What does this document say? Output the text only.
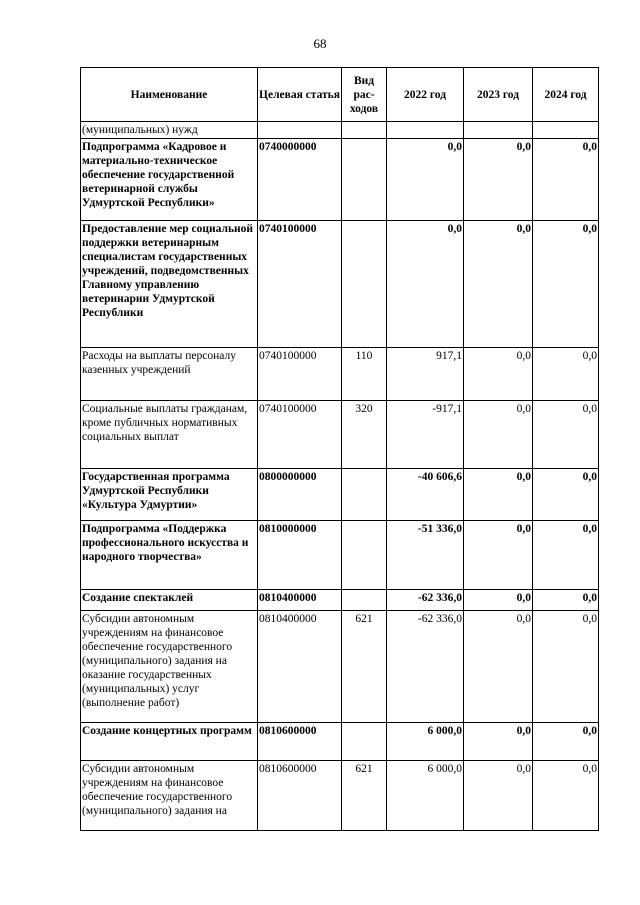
68
Наименование	Целевая статья	Вид рас-ходов	2022 год	2023 год	2024 год
(муниципальных) нужд					
Подпрограмма «Кадровое и материально-техническое обеспечение государственной ветеринарной службы Удмуртской Республики»	0740000000		0,0	0,0	0,0
Предоставление мер социальной поддержки ветеринарным специалистам государственных учреждений, подведомственных Главному управлению ветеринарии Удмуртской Республики	0740100000		0,0	0,0	0,0
Расходы на выплаты персоналу казенных учреждений	0740100000	110	917,1	0,0	0,0
Социальные выплаты гражданам, кроме публичных нормативных социальных выплат	0740100000	320	-917,1	0,0	0,0
Государственная программа Удмуртской Республики «Культура Удмуртии»	0800000000		-40 606,6	0,0	0,0
Подпрограмма «Поддержка профессионального искусства и народного творчества»	0810000000		-51 336,0	0,0	0,0
Создание спектаклей	0810400000		-62 336,0	0,0	0,0
Субсидии автономным учреждениям на финансовое обеспечение государственного (муниципального) задания на оказание государственных (муниципальных) услуг (выполнение работ)	0810400000	621	-62 336,0	0,0	0,0
Создание концертных программ	0810600000		6 000,0	0,0	0,0
Субсидии автономным учреждениям на финансовое обеспечение государственного (муниципального) задания на	0810600000	621	6 000,0	0,0	0,0
